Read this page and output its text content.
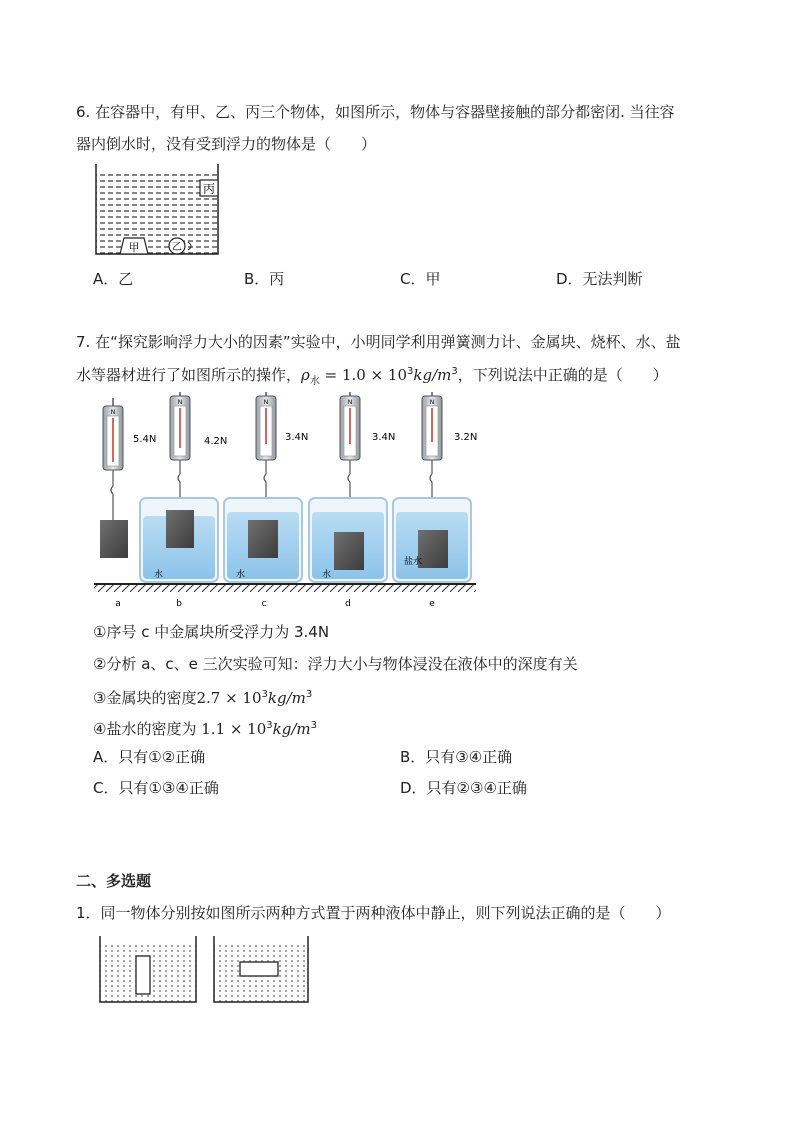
6. 在容器中，有甲、乙、丙三个物体，如图所示，物体与容器壁接触的部分都密闭. 当往容
器内倒水时，没有受到浮力的物体是（　　）
丙
甲	乙
A．乙	B．丙	C．甲	D．无法判断
7. 在“探究影响浮力大小的因素”实验中，小明同学利用弹簧测力计、金属块、烧杯、水、盐
水等器材进行了如图所示的操作，$\rho_水 = 1.0 \times 10^3kg/m^3$，下列说法中正确的是（　　）
N
5.4N
a
N
4.2N
水
b
N
3.4N
水
c
N
3.4N
水
d
N
3.2N
盐水
e
①序号 c 中金属块所受浮力为 3.4N
②分析 a、c、e 三次实验可知：浮力大小与物体浸没在液体中的深度有关
③金属块的密度$2.7 \times 10^3kg/m^3$
④盐水的密度为 $1.1 \times 10^3kg/m^3$
A．只有①②正确	B．只有③④正确
C．只有①③④正确	D．只有②③④正确
二、多选题
1．同一物体分别按如图所示两种方式置于两种液体中静止，则下列说法正确的是（　　）
